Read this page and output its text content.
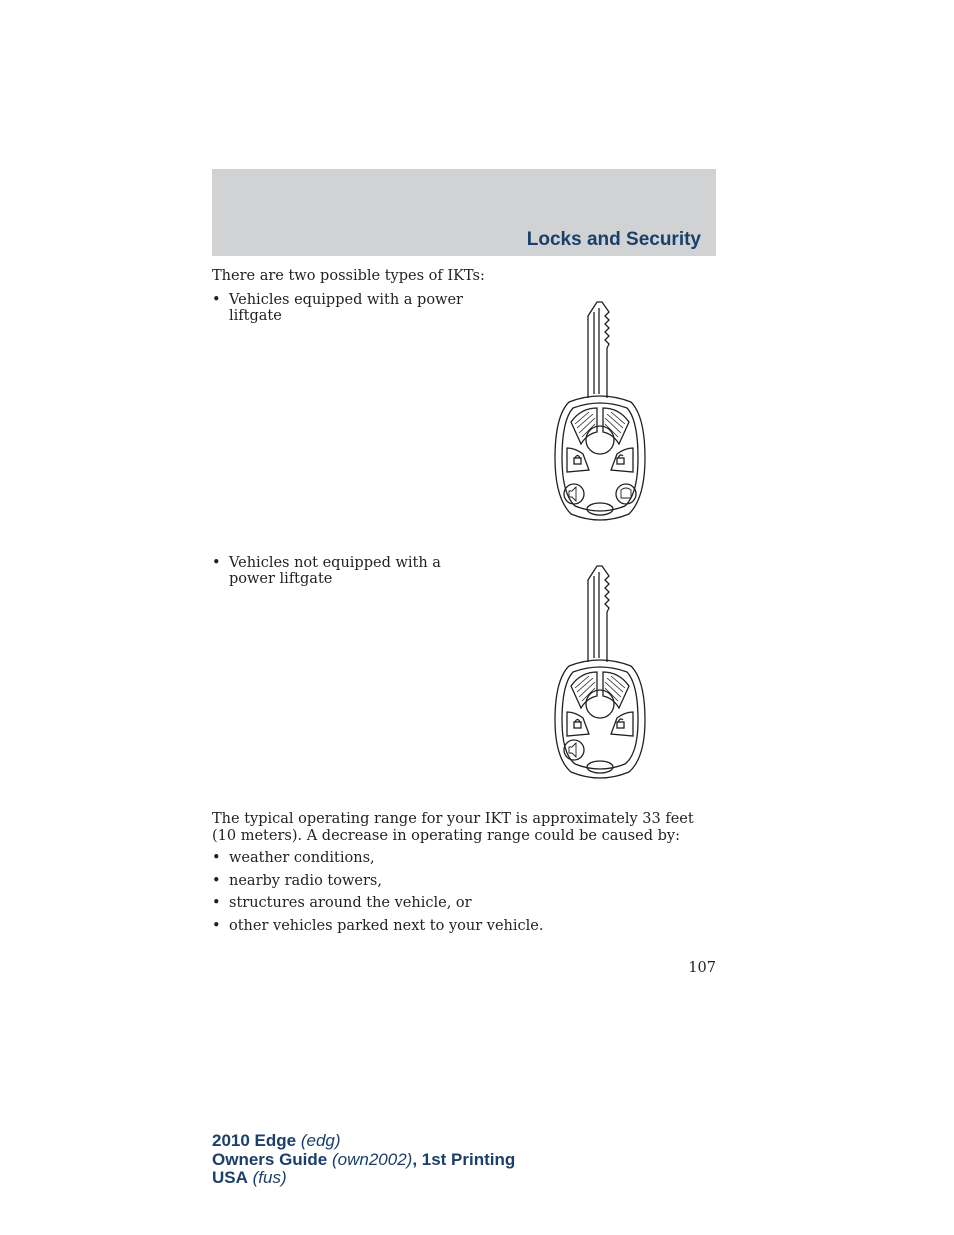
Locks and Security
There are two possible types of IKTs:
• Vehicles equipped with a power
liftgate
• Vehicles not equipped with a
power liftgate
The typical operating range for your IKT is approximately 33 feet
(10 meters). A decrease in operating range could be caused by:
• weather conditions,
• nearby radio towers,
• structures around the vehicle, or
• other vehicles parked next to your vehicle.
107
2010 Edge (edg)
Owners Guide (own2002), 1st Printing
USA (fus)
